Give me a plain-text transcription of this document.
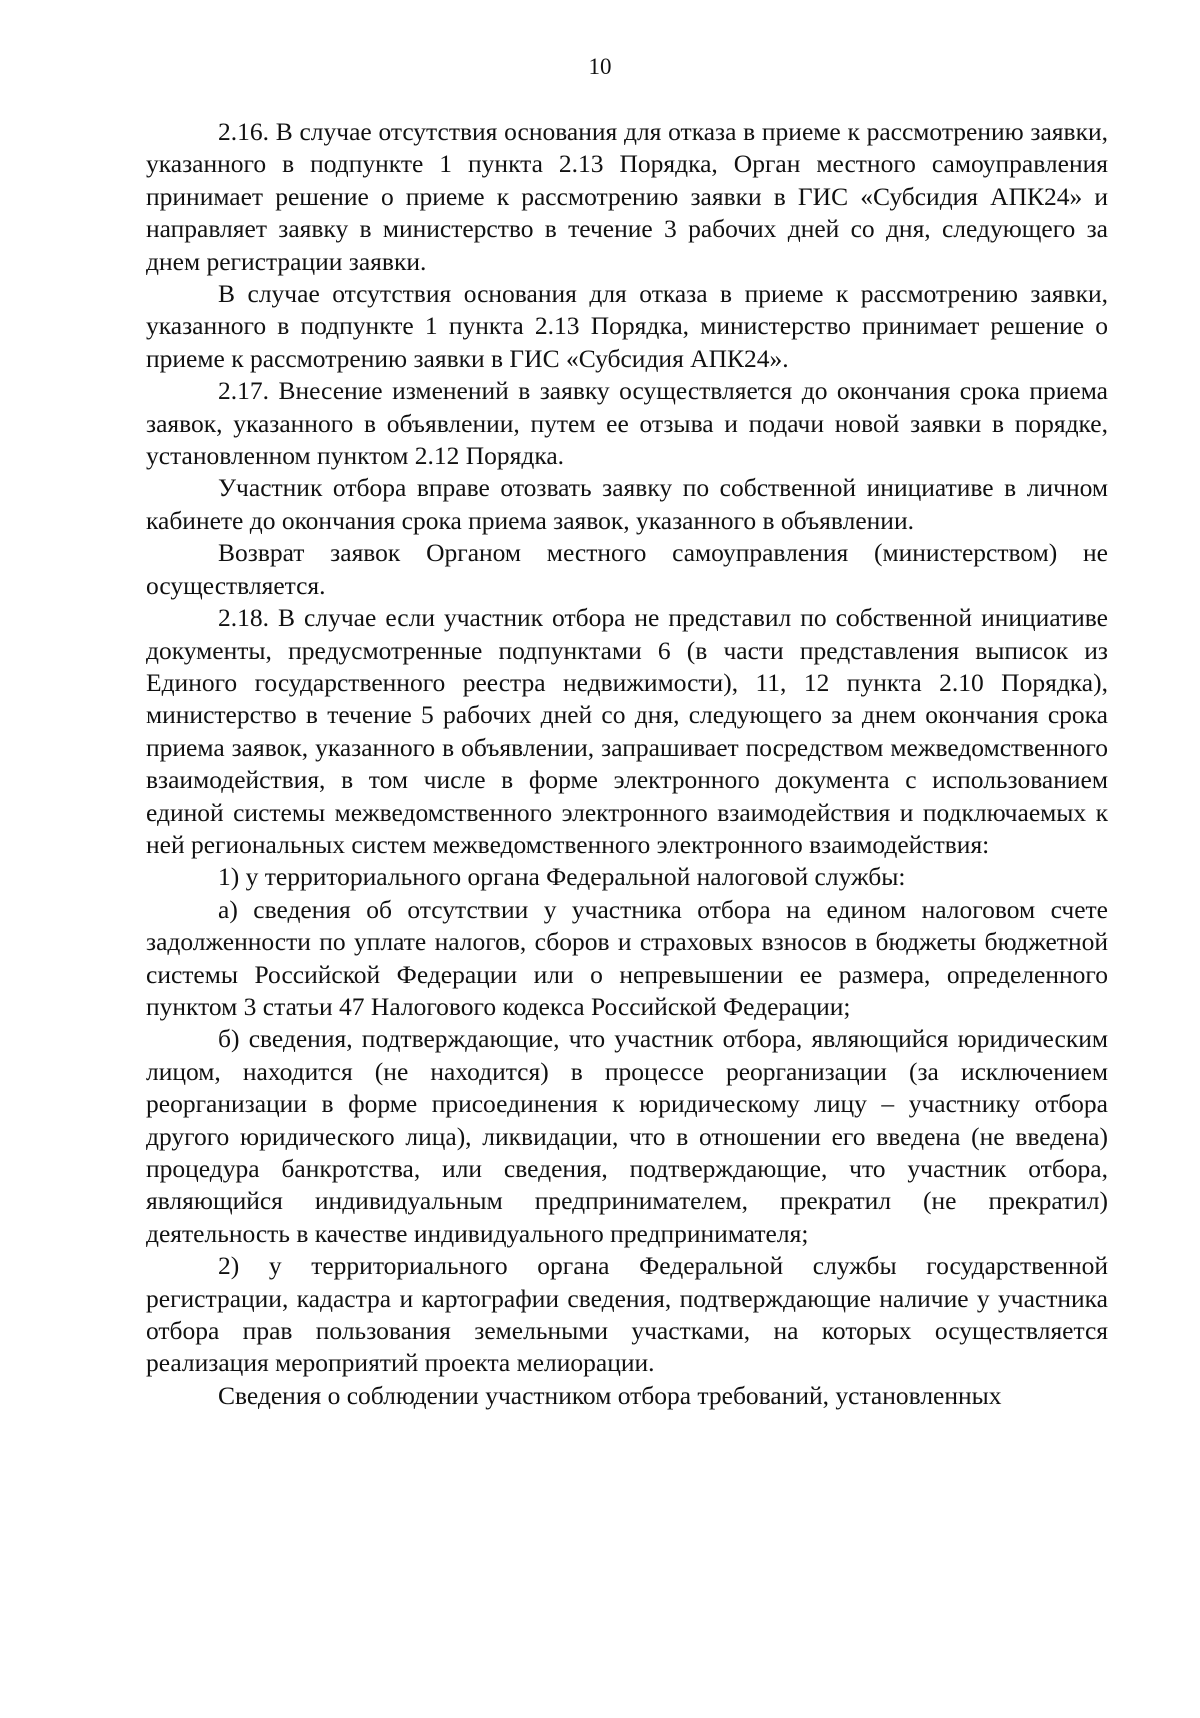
10

2.16. В случае отсутствия основания для отказа в приеме к рассмотрению заявки, указанного в подпункте 1 пункта 2.13 Порядка, Орган местного самоуправления принимает решение о приеме к рассмотрению заявки в ГИС «Субсидия АПК24» и направляет заявку в министерство в течение 3 рабочих дней со дня, следующего за днем регистрации заявки.

В случае отсутствия основания для отказа в приеме к рассмотрению заявки, указанного в подпункте 1 пункта 2.13 Порядка, министерство принимает решение о приеме к рассмотрению заявки в ГИС «Субсидия АПК24».

2.17. Внесение изменений в заявку осуществляется до окончания срока приема заявок, указанного в объявлении, путем ее отзыва и подачи новой заявки в порядке, установленном пунктом 2.12 Порядка.

Участник отбора вправе отозвать заявку по собственной инициативе в личном кабинете до окончания срока приема заявок, указанного в объявлении.

Возврат заявок Органом местного самоуправления (министерством) не осуществляется.

2.18. В случае если участник отбора не представил по собственной инициативе документы, предусмотренные подпунктами 6 (в части представления выписок из Единого государственного реестра недвижимости), 11, 12 пункта 2.10 Порядка), министерство в течение 5 рабочих дней со дня, следующего за днем окончания срока приема заявок, указанного в объявлении, запрашивает посредством межведомственного взаимодействия, в том числе в форме электронного документа с использованием единой системы межведомственного электронного взаимодействия и подключаемых к ней региональных систем межведомственного электронного взаимодействия:

1) у территориального органа Федеральной налоговой службы:

а) сведения об отсутствии у участника отбора на едином налоговом счете задолженности по уплате налогов, сборов и страховых взносов в бюджеты бюджетной системы Российской Федерации или о непревышении ее размера, определенного пунктом 3 статьи 47 Налогового кодекса Российской Федерации;

б) сведения, подтверждающие, что участник отбора, являющийся юридическим лицом, находится (не находится) в процессе реорганизации (за исключением реорганизации в форме присоединения к юридическому лицу – участнику отбора другого юридического лица), ликвидации, что в отношении его введена (не введена) процедура банкротства, или сведения, подтверждающие, что участник отбора, являющийся индивидуальным предпринимателем, прекратил (не прекратил) деятельность в качестве индивидуального предпринимателя;

2) у территориального органа Федеральной службы государственной регистрации, кадастра и картографии сведения, подтверждающие наличие у участника отбора прав пользования земельными участками, на которых осуществляется реализация мероприятий проекта мелиорации.

Сведения о соблюдении участником отбора требований, установленных
